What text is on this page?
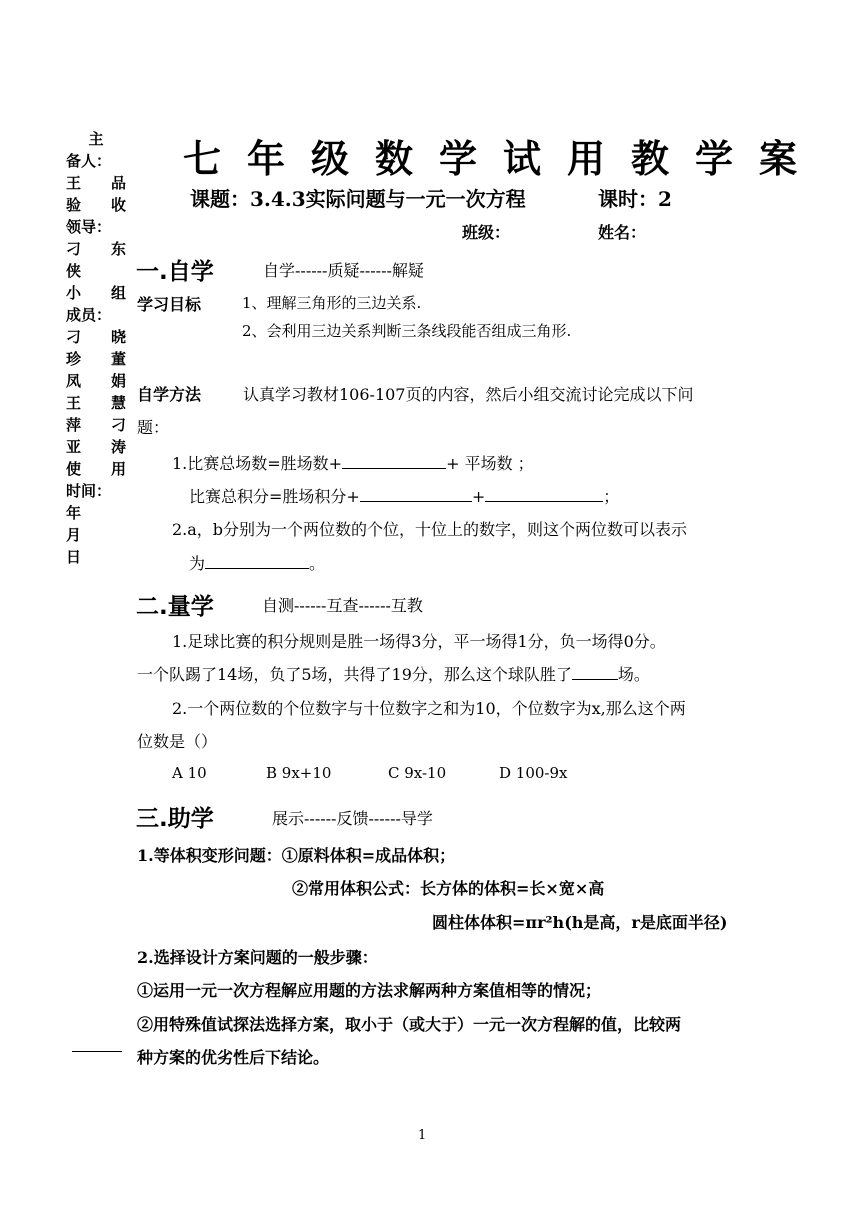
主
备人：
王 品
验 收
领导：
刁 东
侠
小 组
成员：
刁 晓
珍 董
凤 娟
王 慧
萍 刁
亚 涛
使 用
时间：
年
月
日
七年级数学试用教学案
课题：3.4.3实际问题与一元一次方程	课时：2
班级：	姓名：
一.自学	自学------质疑------解疑
学习目标	1、理解三角形的三边关系.
2、会利用三边关系判断三条线段能否组成三角形.
自学方法	认真学习教材106-107页的内容，然后小组交流讨论完成以下问
题：
1.比赛总场数=胜场数+	+ 平场数 ；
比赛总积分=胜场积分+	+	；
2.a，b分别为一个两位数的个位，十位上的数字，则这个两位数可以表示
为	。
二.量学	自测------互查------互教
1.足球比赛的积分规则是胜一场得3分，平一场得1分，负一场得0分。
一个队踢了14场，负了5场，共得了19分，那么这个球队胜了	场。
2.一个两位数的个位数字与十位数字之和为10，个位数字为x,那么这个两
位数是（）
A 10	B 9x+10	C 9x-10	D 100-9x
三.助学	展示------反馈------导学
1.等体积变形问题：①原料体积=成品体积；
②常用体积公式：长方体的体积=长×宽×高
圆柱体体积=πr²h(h是高，r是底面半径)
2.选择设计方案问题的一般步骤：
①运用一元一次方程解应用题的方法求解两种方案值相等的情况；
②用特殊值试探法选择方案，取小于（或大于）一元一次方程解的值，比较两
种方案的优劣性后下结论。
1
